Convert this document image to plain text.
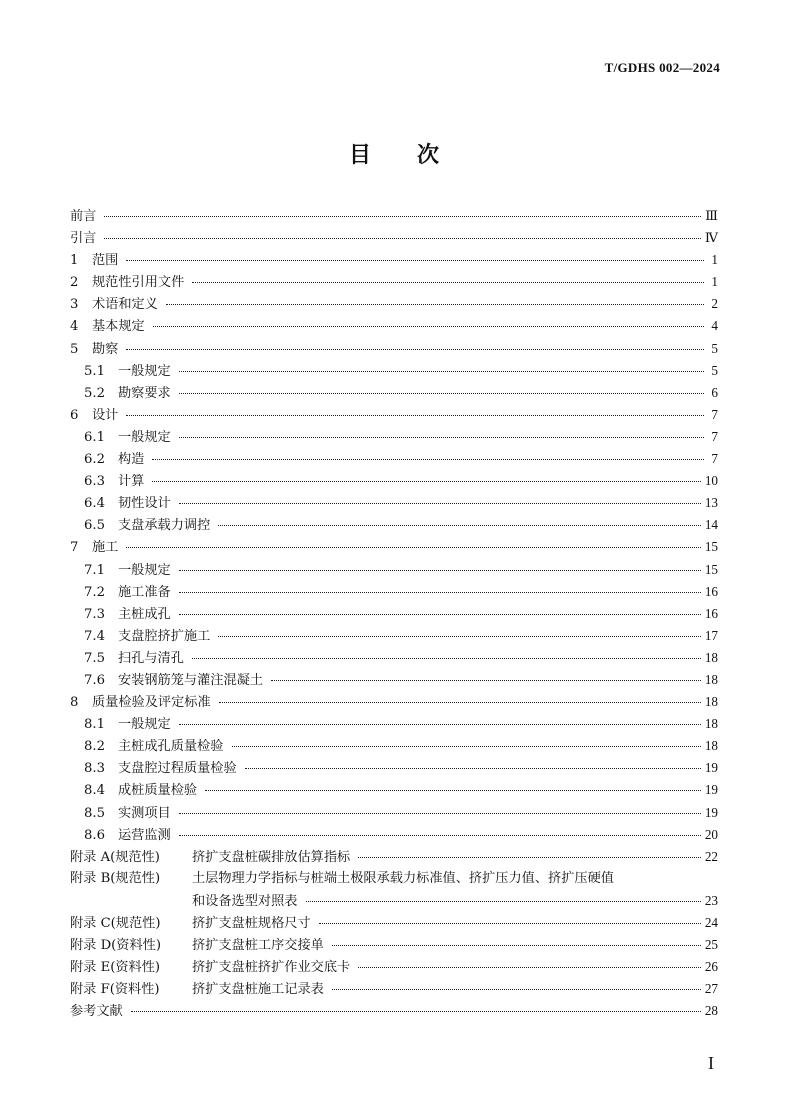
T/GDHS 002—2024
目 次
前言	Ⅲ
引言	Ⅳ
1	范围	1
2	规范性引用文件	1
3	术语和定义	2
4	基本规定	4
5	勘察	5
5.1 一般规定	5
5.2 勘察要求	6
6	设计	7
6.1 一般规定	7
6.2 构造	7
6.3 计算	10
6.4 韧性设计	13
6.5 支盘承载力调控	14
7	施工	15
7.1 一般规定	15
7.2 施工准备	16
7.3 主桩成孔	16
7.4 支盘腔挤扩施工	17
7.5 扫孔与清孔	18
7.6 安装钢筋笼与灌注混凝土	18
8	质量检验及评定标准	18
8.1 一般规定	18
8.2 主桩成孔质量检验	18
8.3 支盘腔过程质量检验	19
8.4 成桩质量检验	19
8.5 实测项目	19
8.6 运营监测	20
附录 A(规范性)	挤扩支盘桩碳排放估算指标	22
附录 B(规范性)	土层物理力学指标与桩端土极限承载力标准值、挤扩压力值、挤扩压硬值
和设备选型对照表	23
附录 C(规范性)	挤扩支盘桩规格尺寸	24
附录 D(资料性)	挤扩支盘桩工序交接单	25
附录 E(资料性)	挤扩支盘桩挤扩作业交底卡	26
附录 F(资料性)	挤扩支盘桩施工记录表	27
参考文献	28
I
